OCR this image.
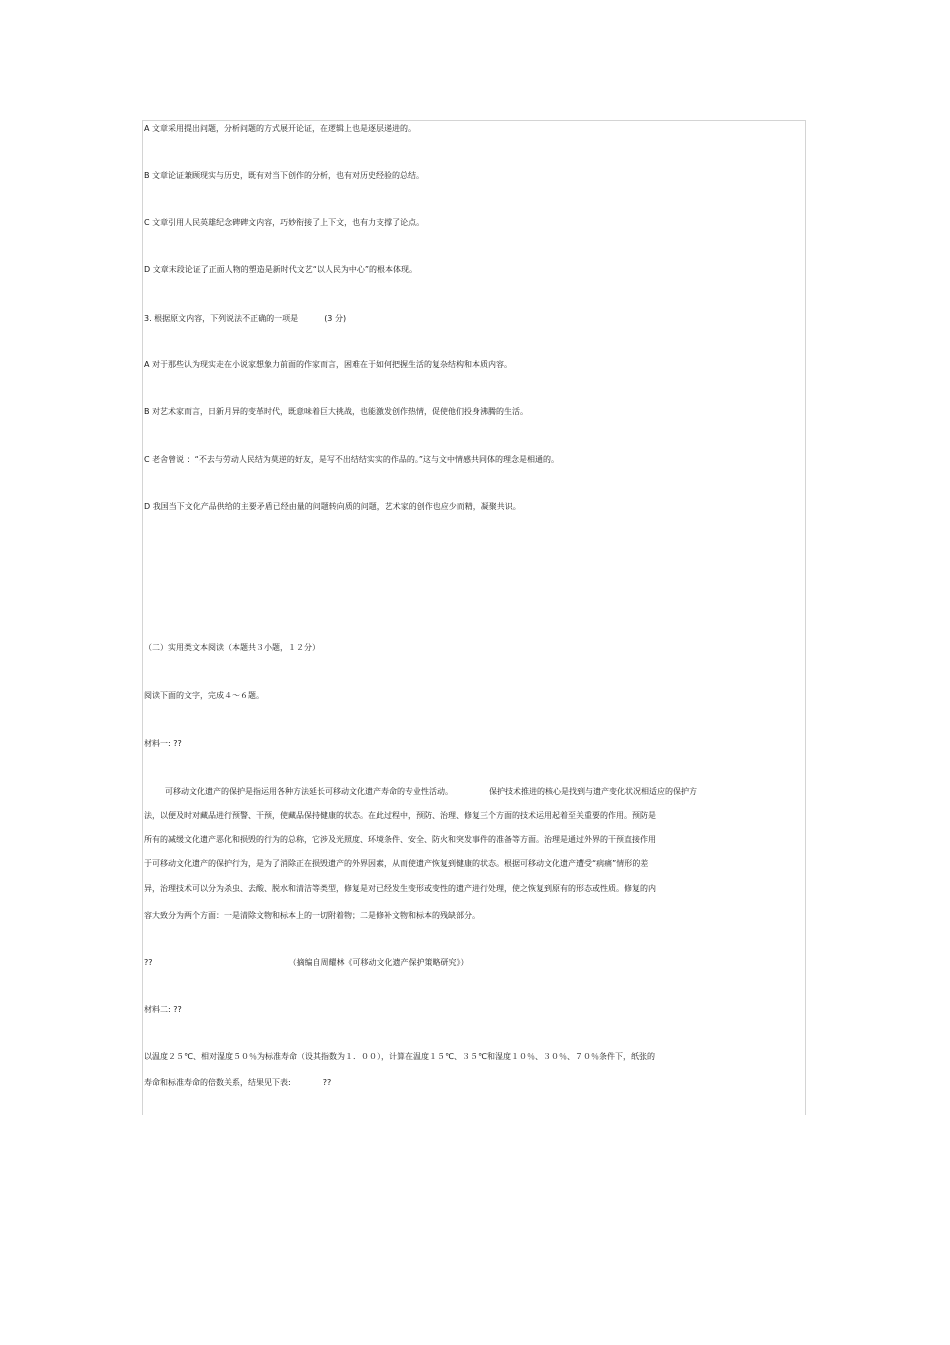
A 文章采用提出问题，分析问题的方式展开论证，在逻辑上也是逐层递进的。
B 文章论证兼顾现实与历史，既有对当下创作的分析，也有对历史经验的总结。
C 文章引用人民英雄纪念碑碑文内容，巧妙衔接了上下文，也有力支撑了论点。
D 文章末段论证了正面人物的塑造是新时代文艺“以人民为中心”的根本体现。
3. 根据原文内容，下列说法不正确的一项是	(3 分)
A 对于那些认为现实走在小说家想象力前面的作家而言，困难在于如何把握生活的复杂结构和本质内容。
B 对艺术家而言，日新月异的变革时代，既意味着巨大挑战，也能激发创作热情，促使他们投身沸腾的生活。
C 老舍曾说 ：“不去与劳动人民结为莫逆的好友，是写不出结结实实的作品的。”这与文中情感共同体的理念是相通的。
D 我国当下文化产品供给的主要矛盾已经由量的问题转向质的问题，艺术家的创作也应少而精，凝聚共识。
（二）实用类文本阅读（本题共３小题，１２分）
阅读下面的文字，完成４～６题。
材料一: ??
可移动文化遗产的保护是指运用各种方法延长可移动文化遗产寿命的专业性活动。	保护技术推进的核心是找到与遗产变化状况相适应的保护方
法，以便及时对藏品进行预警、干预，使藏品保持健康的状态。在此过程中，预防、治理、修复三个方面的技术运用起着至关重要的作用。预防是
所有的减缓文化遗产恶化和损毁的行为的总称，它涉及光照度、环境条件、安全、防火和突发事件的准备等方面。治理是通过外界的干预直接作用
于可移动文化遗产的保护行为，是为了消除正在损毁遗产的外界因素，从而使遗产恢复到健康的状态。根据可移动文化遗产遭受“病痛”情形的差
异，治理技术可以分为杀虫、去酸、脱水和清洁等类型，修复是对已经发生变形或变性的遗产进行处理，使之恢复到原有的形态或性质。修复的内
容大致分为两个方面：一是清除文物和标本上的一切附着物；二是修补文物和标本的残缺部分。
??	（摘编自周耀林《可移动文化遗产保护策略研究》）
材料二: ??
以温度２５℃、相对湿度５０％为标准寿命（设其指数为１．００），计算在温度１５℃、３５℃和湿度１０％、３０％、７０％条件下，纸张的
寿命和标准寿命的倍数关系，结果见下表:	??
